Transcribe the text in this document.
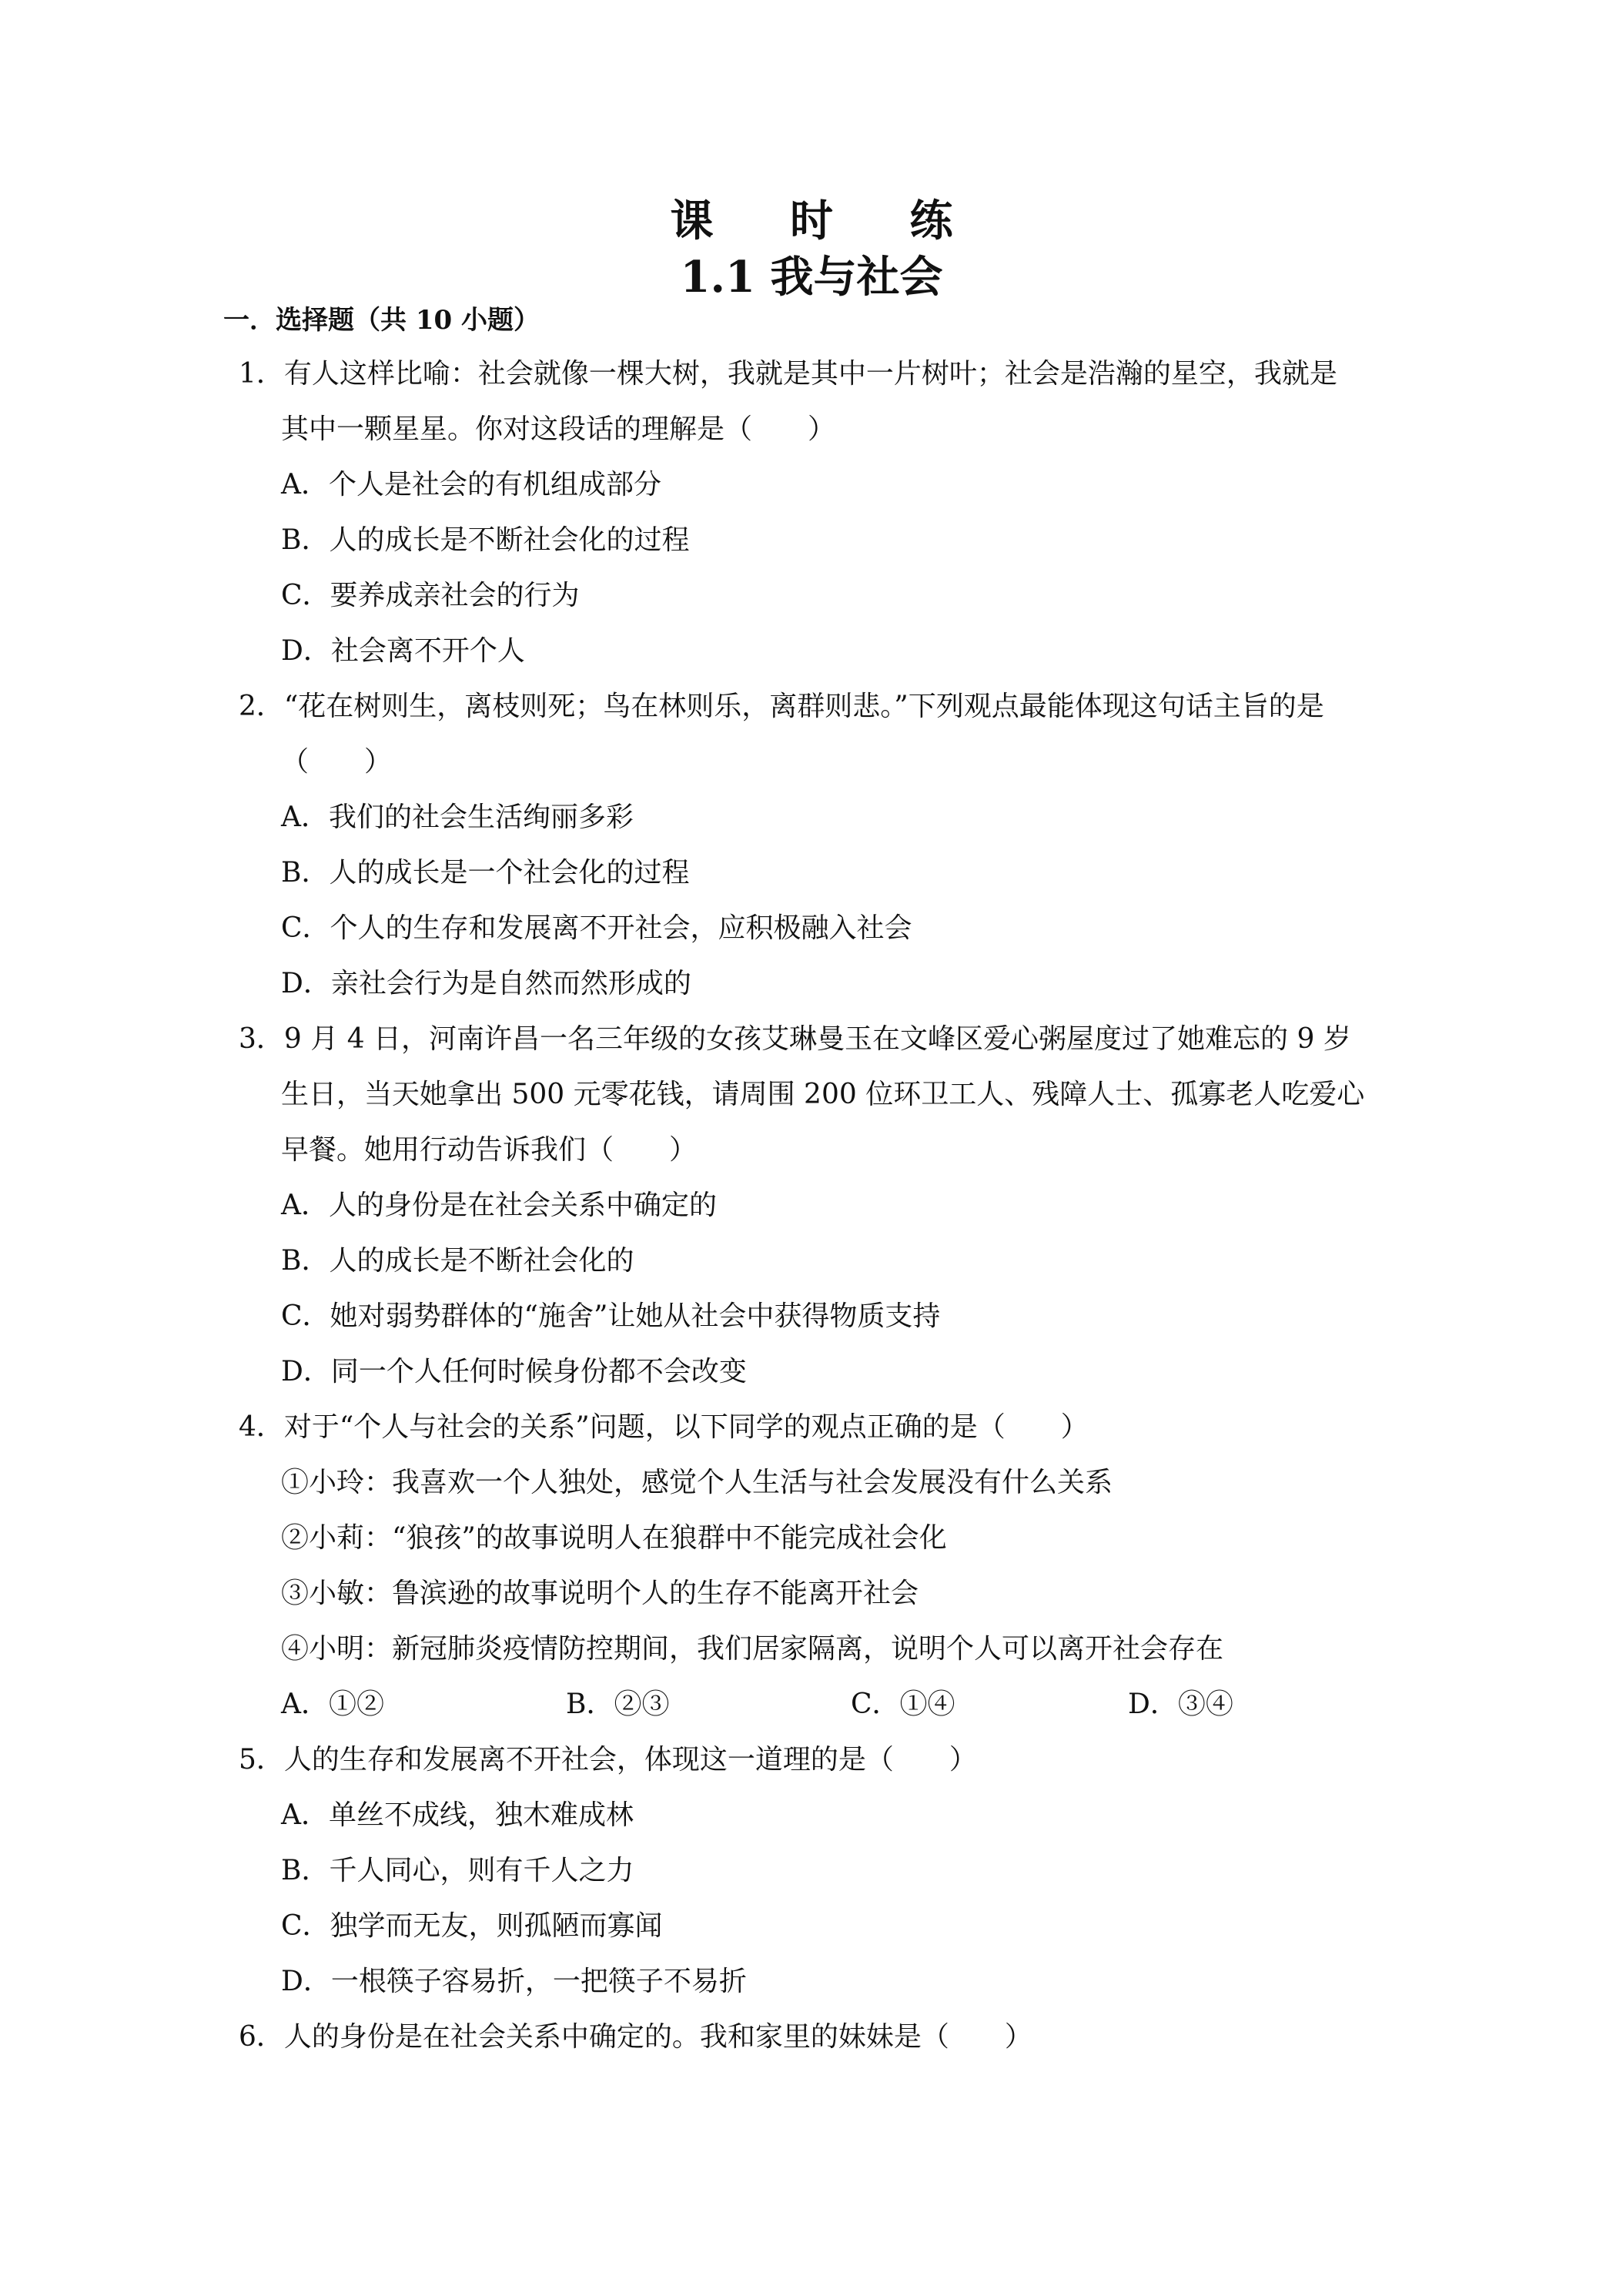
课 时 练
1.1 我与社会
一．选择题（共 10 小题）
1．有人这样比喻：社会就像一棵大树，我就是其中一片树叶；社会是浩瀚的星空，我就是
其中一颗星星。你对这段话的理解是（　　）
A．个人是社会的有机组成部分
B．人的成长是不断社会化的过程
C．要养成亲社会的行为
D．社会离不开个人
2．“花在树则生，离枝则死；鸟在林则乐，离群则悲。”下列观点最能体现这句话主旨的是
（　　）
A．我们的社会生活绚丽多彩
B．人的成长是一个社会化的过程
C．个人的生存和发展离不开社会，应积极融入社会
D．亲社会行为是自然而然形成的
3．9 月 4 日，河南许昌一名三年级的女孩艾琳曼玉在文峰区爱心粥屋度过了她难忘的 9 岁
生日，当天她拿出 500 元零花钱，请周围 200 位环卫工人、残障人士、孤寡老人吃爱心
早餐。她用行动告诉我们（　　）
A．人的身份是在社会关系中确定的
B．人的成长是不断社会化的
C．她对弱势群体的“施舍”让她从社会中获得物质支持
D．同一个人任何时候身份都不会改变
4．对于“个人与社会的关系”问题，以下同学的观点正确的是（　　）
①小玲：我喜欢一个人独处，感觉个人生活与社会发展没有什么关系
②小莉：“狼孩”的故事说明人在狼群中不能完成社会化
③小敏：鲁滨逊的故事说明个人的生存不能离开社会
④小明：新冠肺炎疫情防控期间，我们居家隔离，说明个人可以离开社会存在
A．①②	B．②③	C．①④	D．③④
5．人的生存和发展离不开社会，体现这一道理的是（　　）
A．单丝不成线，独木难成林
B．千人同心，则有千人之力
C．独学而无友，则孤陋而寡闻
D．一根筷子容易折，一把筷子不易折
6．人的身份是在社会关系中确定的。我和家里的妹妹是（　　）
